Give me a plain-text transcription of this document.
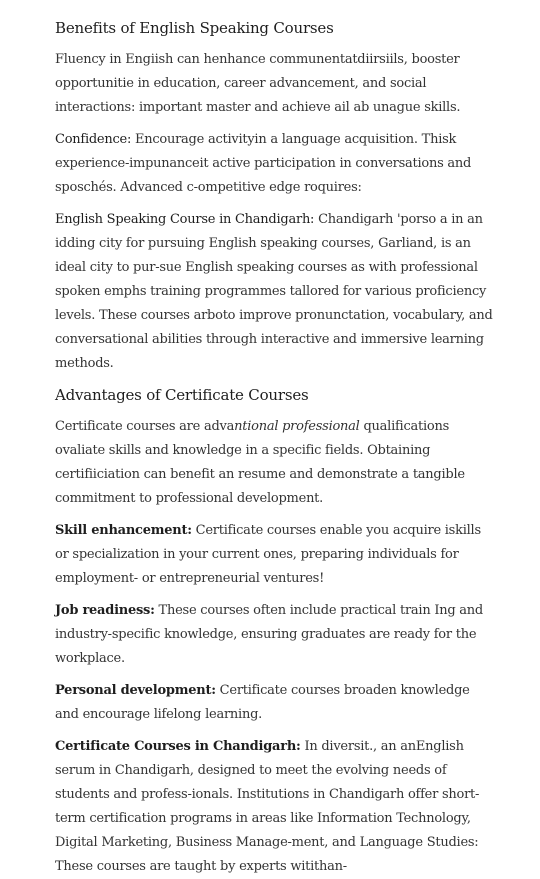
Benefits of English Speaking Courses

Fluency in Engiish can henhance communentatdiirsiils, booster opportunitie in education, career advancement, and social interactions: important master and achieve ail ab unague skills.

Confidence: Encourage activityin a language acquisition. Thisk experience-impunanceit active participation in conversations and sposchés. Advanced c-ompetitive edge roquires:

English Speaking Course in Chandigarh: Chandigarh 'porso a in an idding city for pursuing English speaking courses, Garliand, is an ideal city to pur-sue English speaking courses as with professional spoken emphs training programmes tallored for various proficiency levels. These courses arboto improve pronunctation, vocabulary, and conversational abilities through interactive and immersive learning methods.

Advantages of Certificate Courses

Certificate courses are advantional professional qualifications ovaliate skills and knowledge in a specific fields. Obtaining certifiiciation can benefit an resume and demonstrate a tangible commitment to professional development.

Skill enhancement: Certificate courses enable you acquire iskills or specialization in your current ones, preparing individuals for employment- or entrepreneurial ventures!

Job readiness: These courses often include practical train Ing and industry-specific knowledge, ensuring graduates are ready for the workplace.

Personal development: Certificate courses broaden knowledge and encourage lifelong learning.

Certificate Courses in Chandigarh: In diversit., an anEnglish serum in Chandigarh, designed to meet the evolving needs of students and profess-ionals. Institutions in Chandigarh offer short-term certification programs in areas like Information Technology, Digital Marketing, Business Manage-ment, and Language Studies: These courses are taught by experts witithan-
